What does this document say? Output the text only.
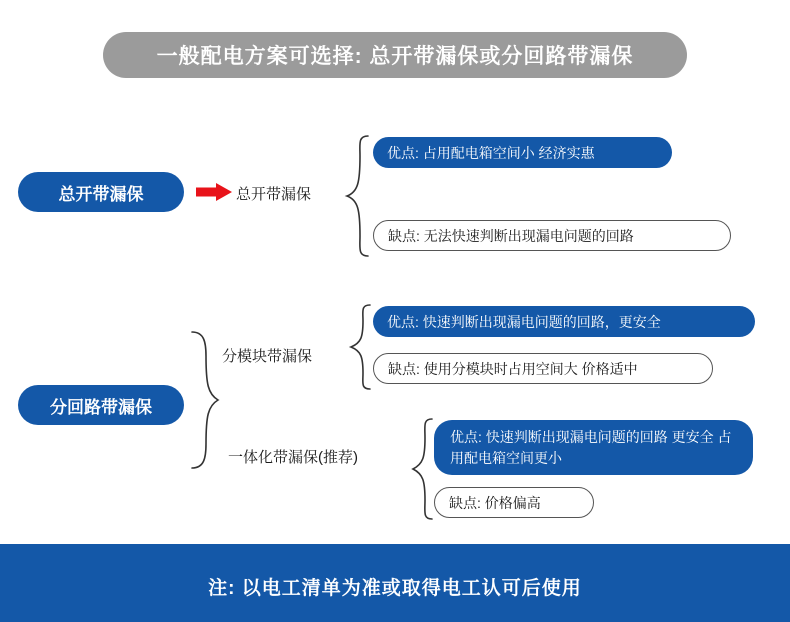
一般配电方案可选择: 总开带漏保或分回路带漏保
总开带漏保	总开带漏保
优点: 占用配电箱空间小 经济实惠
缺点: 无法快速判断出现漏电问题的回路
分回路带漏保
分模块带漏保
优点: 快速判断出现漏电问题的回路，更安全
缺点: 使用分模块时占用空间大 价格适中
一体化带漏保(推荐)
优点: 快速判断出现漏电问题的回路 更安全 占用配电箱空间更小
缺点: 价格偏高
注: 以电工清单为准 或 取得电工认可后使用
